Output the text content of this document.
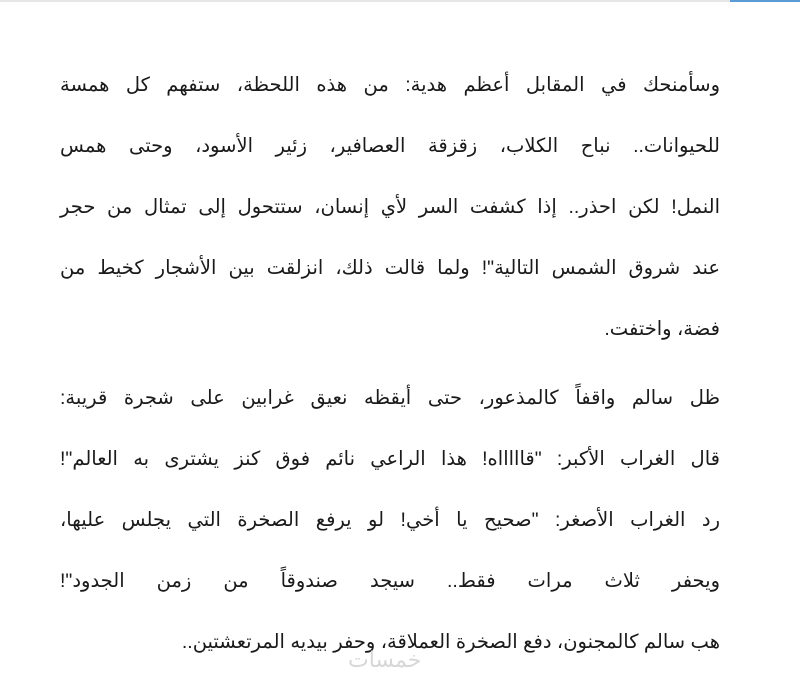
وسأمنحك في المقابل أعظم هدية: من هذه اللحظة، ستفهم كل همسة
للحيوانات.. نباح الكلاب، زقزقة العصافير، زئير الأسود، وحتى همس
النمل! لكن احذر.. إذا كشفت السر لأي إنسان، ستتحول إلى تمثال من حجر
عند شروق الشمس التالية"! ولما قالت ذلك، انزلقت بين الأشجار كخيط من
فضة، واختفت.

ظل سالم واقفاً كالمذعور، حتى أيقظه نعيق غرابين على شجرة قريبة:
قال الغراب الأكبر: "قاااااه! هذا الراعي نائم فوق كنز يشترى به العالم"!
رد الغراب الأصغر: "صحيح يا أخي! لو يرفع الصخرة التي يجلس عليها،
ويحفر ثلاث مرات فقط.. سيجد صندوقاً من زمن الجدود"!
هب سالم كالمجنون، دفع الصخرة العملاقة، وحفر بيديه المرتعشتين..

خمسات
